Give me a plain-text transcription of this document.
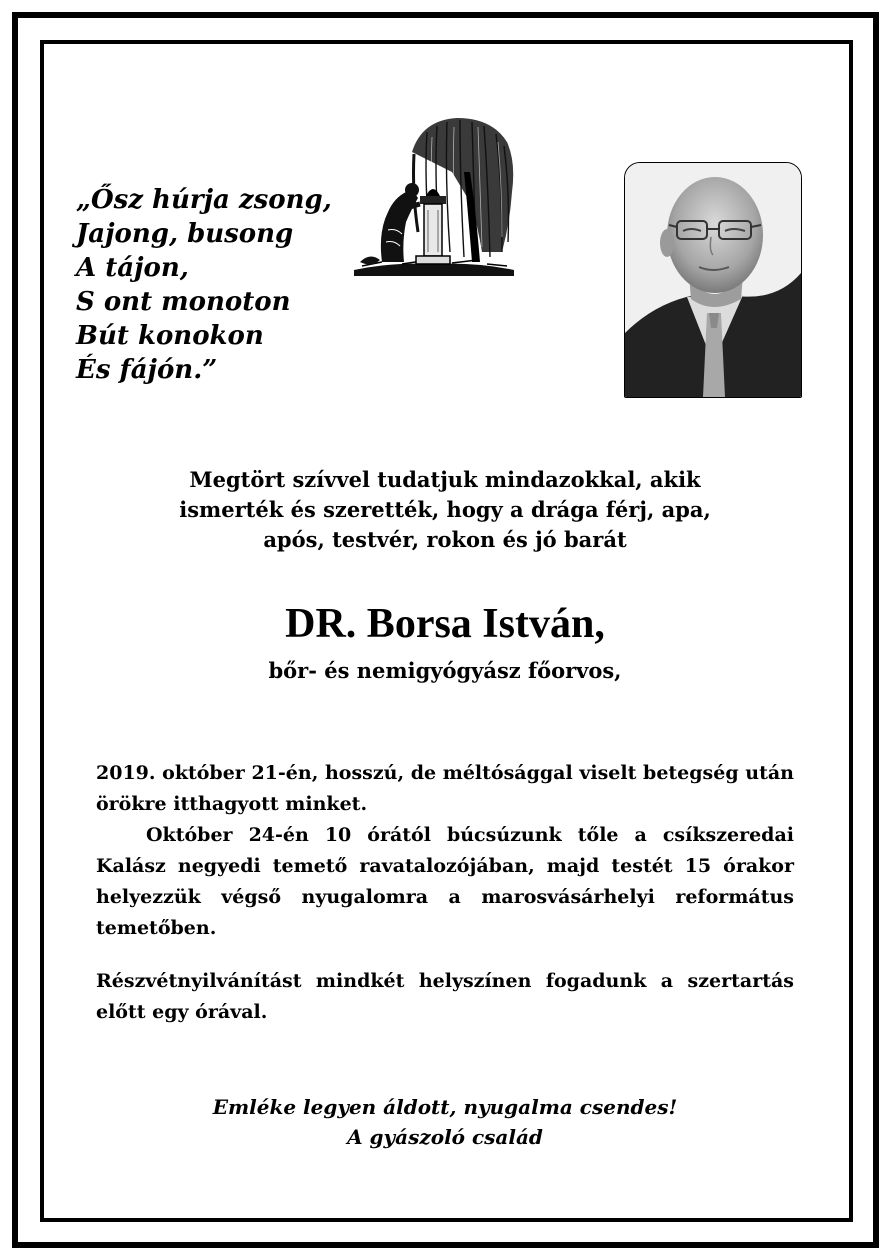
„Ősz húrja zsong,
Jajong, busong
A tájon,
S ont monoton
Bút konokon
És fájón.”
Megtört szívvel tudatjuk mindazokkal, akik
ismerték és szerették, hogy a drága férj, apa,
após, testvér, rokon és jó barát
DR. Borsa István,
bőr- és nemigyógyász főorvos,

2019. október 21-én, hosszú, de méltósággal viselt betegség után örökre itthagyott minket.

Október 24-én 10 órától búcsúzunk tőle a csíkszeredai Kalász negyedi temető ravatalozójában, majd testét 15 órakor helyezzük végső nyugalomra a marosvásárhelyi református temetőben.

Részvétnyilvánítást mindkét helyszínen fogadunk a szertartás előtt egy órával.
Emléke legyen áldott, nyugalma csendes!
A gyászoló család
